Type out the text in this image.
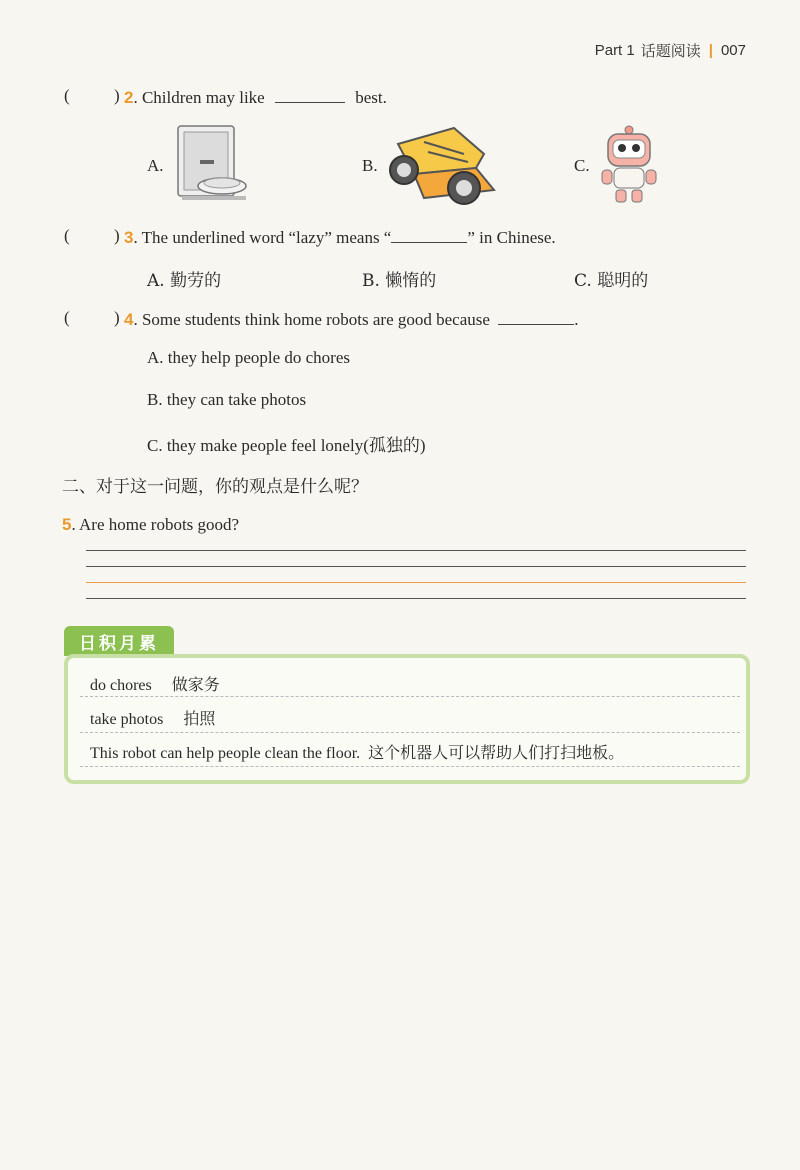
Part 1 话题阅读 | 007
(	) 2. Children may like	best.
A.	B.	C.
(	) 3. The underlined word “lazy” means “	” in Chinese.
A. 勤劳的	B. 懒惰的	C. 聪明的
(	) 4. Some students think home robots are good because	.
A. they help people do chores
B. they can take photos
C. they make people feel lonely(孤独的)
二、对于这一问题，你的观点是什么呢？
5. Are home robots good?
日积月累
do chores 做家务
take photos 拍照
This robot can help people clean the floor. 这个机器人可以帮助人们打扫地板。
